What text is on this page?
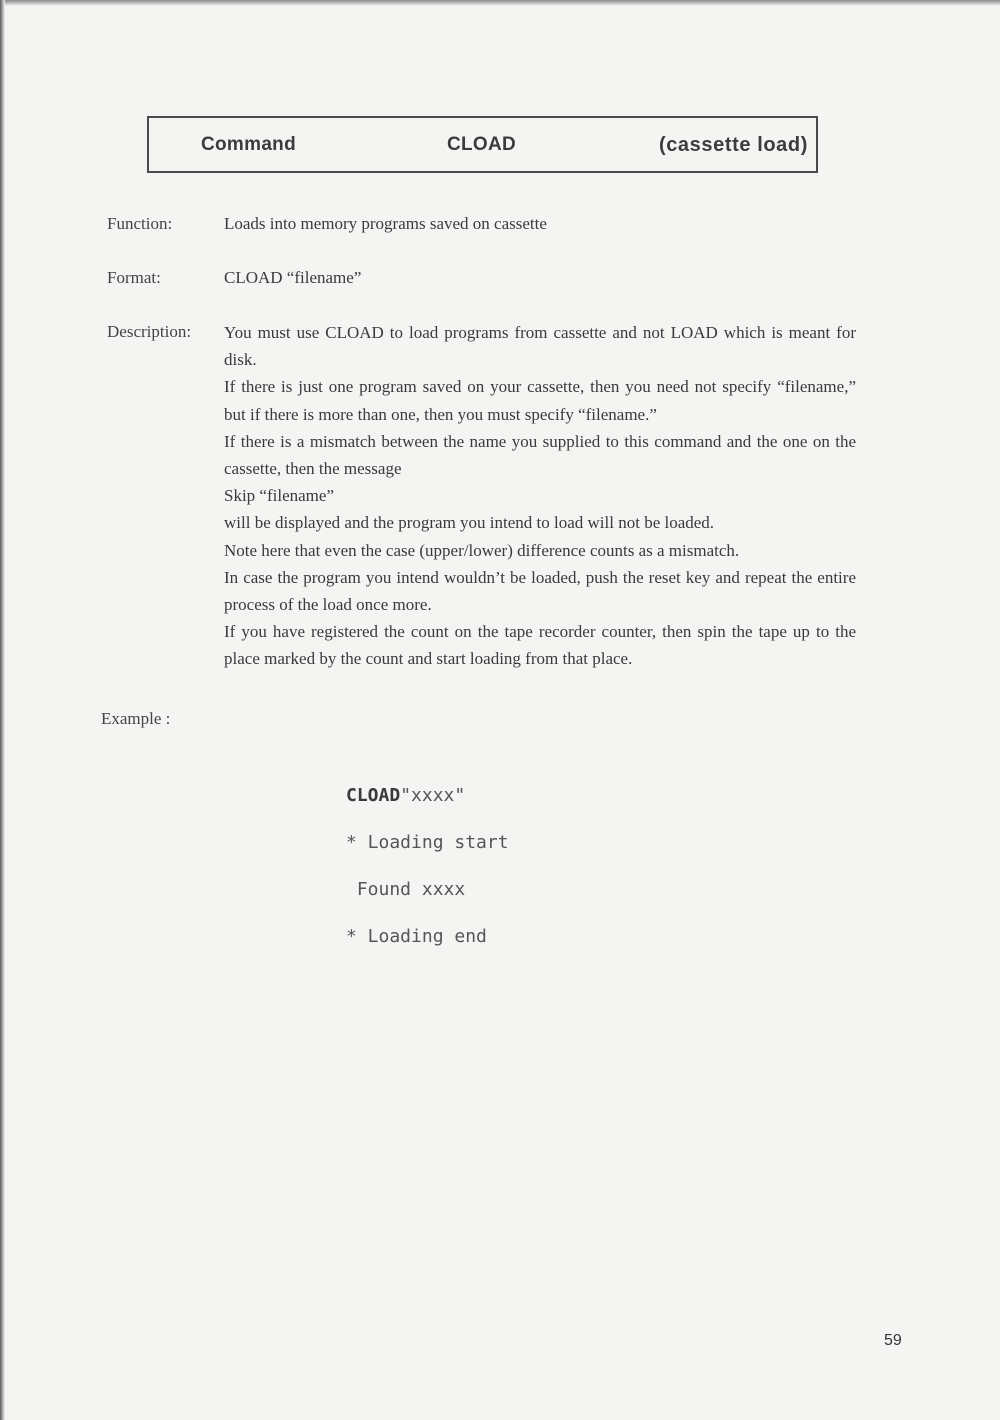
Command	CLOAD	(cassette load)
Function:	Loads into memory programs saved on cassette
Format:	CLOAD “filename”
Description: You must use CLOAD to load programs from cassette and not LOAD which is meant for disk.

If there is just one program saved on your cassette, then you need not specify “filename,” but if there is more than one, then you must specify “filename.”

If there is a mismatch between the name you supplied to this command and the one on the cassette, then the message

Skip “filename”

will be displayed and the program you intend to load will not be loaded.

Note here that even the case (upper/lower) difference counts as a mismatch.

In case the program you intend wouldn’t be loaded, push the reset key and repeat the entire process of the load once more.

If you have registered the count on the tape recorder counter, then spin the tape up to the place marked by the count and start loading from that place.

Example :

CLOAD"xxxx"

* Loading start

Found xxxx

* Loading end

59
